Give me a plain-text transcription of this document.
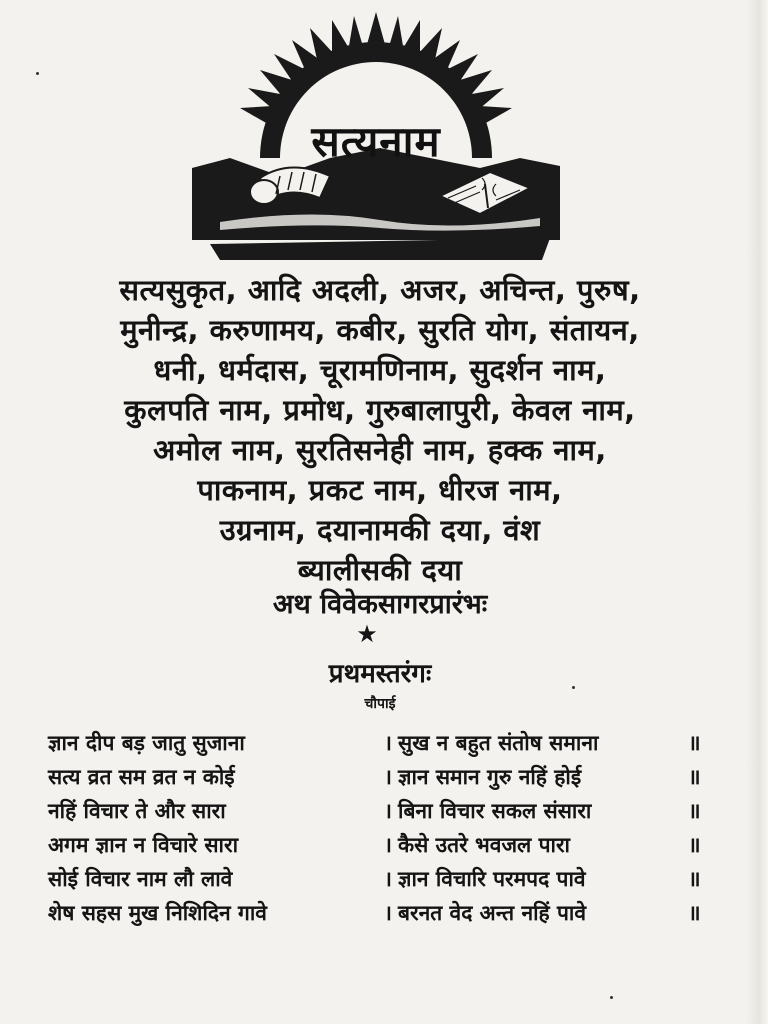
सत्यनाम
सत्यसुकृत, आदि अदली, अजर, अचिन्त, पुरुष,
मुनीन्द्र, करुणामय, कबीर, सुरति योग, संतायन,
धनी, धर्मदास, चूरामणिनाम, सुदर्शन नाम,
कुलपति नाम, प्रमोध, गुरुबालापुरी, केवल नाम,
अमोल नाम, सुरतिसनेही नाम, हक्क नाम,
पाकनाम, प्रकट नाम, धीरज नाम,
उग्रनाम, दयानामकी दया, वंश
ब्यालीसकी दया
अथ विवेकसागरप्रारंभः
★
प्रथमस्तरंगः
चौपाई
ज्ञान दीप बड़ जातु सुजाना	। सुख न बहुत संतोष समाना	॥
सत्य व्रत सम व्रत न कोई	। ज्ञान समान गुरु नहिं होई	॥
नहिं विचार ते और सारा	। बिना विचार सकल संसारा	॥
अगम ज्ञान न विचारे सारा	। कैसे उतरे भवजल पारा	॥
सोई विचार नाम लौ लावे	। ज्ञान विचारि परमपद पावे	॥
शेष सहस मुख निशिदिन गावे	। बरनत वेद अन्त नहिं पावे	॥
